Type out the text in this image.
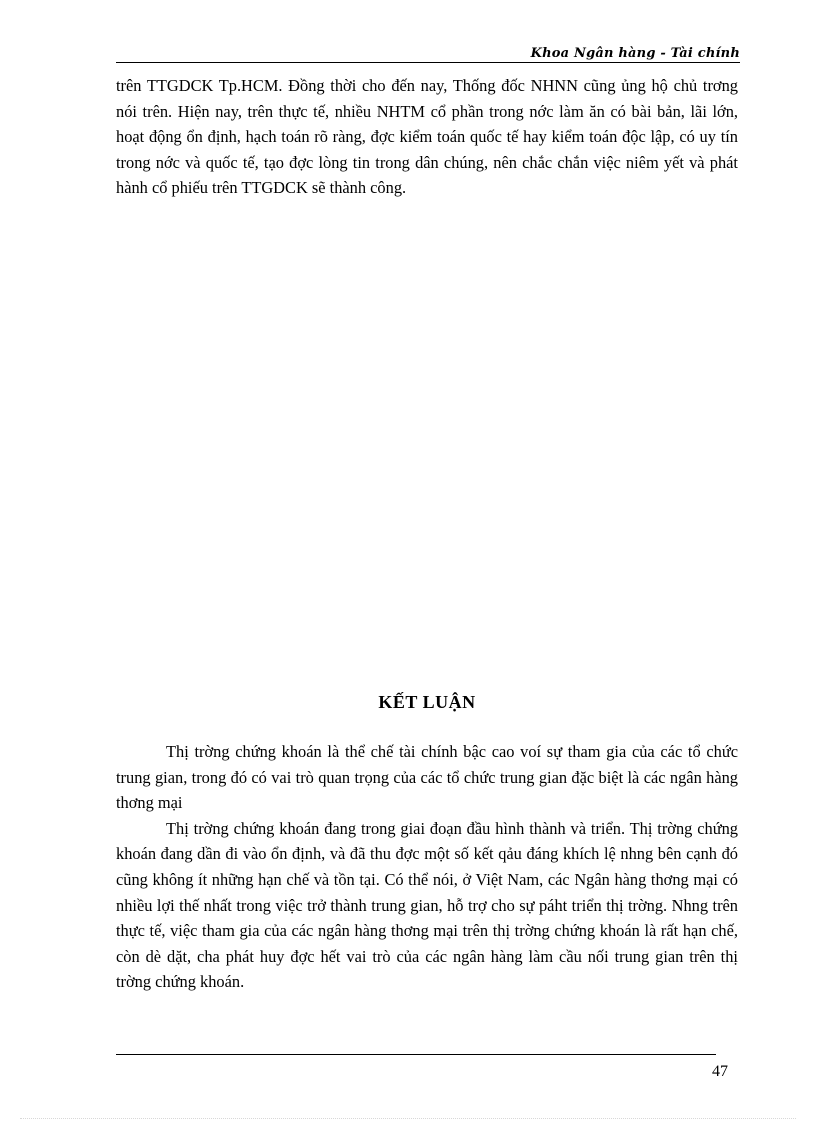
Khoa Ngân hàng - Tài chính

trên TTGDCK Tp.HCM. Đồng thời cho đến nay, Thống đốc NHNN cũng ủng hộ chủ trơng nói trên. Hiện nay, trên thực tế, nhiều NHTM cổ phần trong nớc làm ăn có bài bản, lãi lớn, hoạt động ổn định, hạch toán rõ ràng, đợc kiểm toán quốc tế hay kiểm toán độc lập, có uy tín trong nớc và quốc tế, tạo đợc lòng tin trong dân chúng, nên chắc chắn việc niêm yết và phát hành cổ phiếu trên TTGDCK sẽ thành công.

KẾT LUẬN

Thị trờng chứng khoán là thể chế tài chính bậc cao voí sự tham gia của các tổ chức trung gian, trong đó có vai trò quan trọng của các tổ chức trung gian đặc biệt là các ngân hàng thơng mại

Thị trờng chứng khoán đang trong giai đoạn đầu hình thành và triển. Thị trờng chứng khoán đang dần đi vào ổn định, và đã thu đợc một số kết qảu đáng khích lệ nhng bên cạnh đó cũng không ít những hạn chế và tồn tại. Có thể nói, ở Việt Nam, các Ngân hàng thơng mại có nhiều lợi thế nhất trong việc trở thành trung gian, hỗ trợ cho sự páht triển thị trờng. Nhng trên thực tế, việc tham gia của các ngân hàng thơng mại trên thị trờng chứng khoán là rất hạn chế, còn dè dặt, cha phát huy đợc hết vai trò của các ngân hàng làm cầu nối trung gian trên thị trờng chứng khoán.

47
